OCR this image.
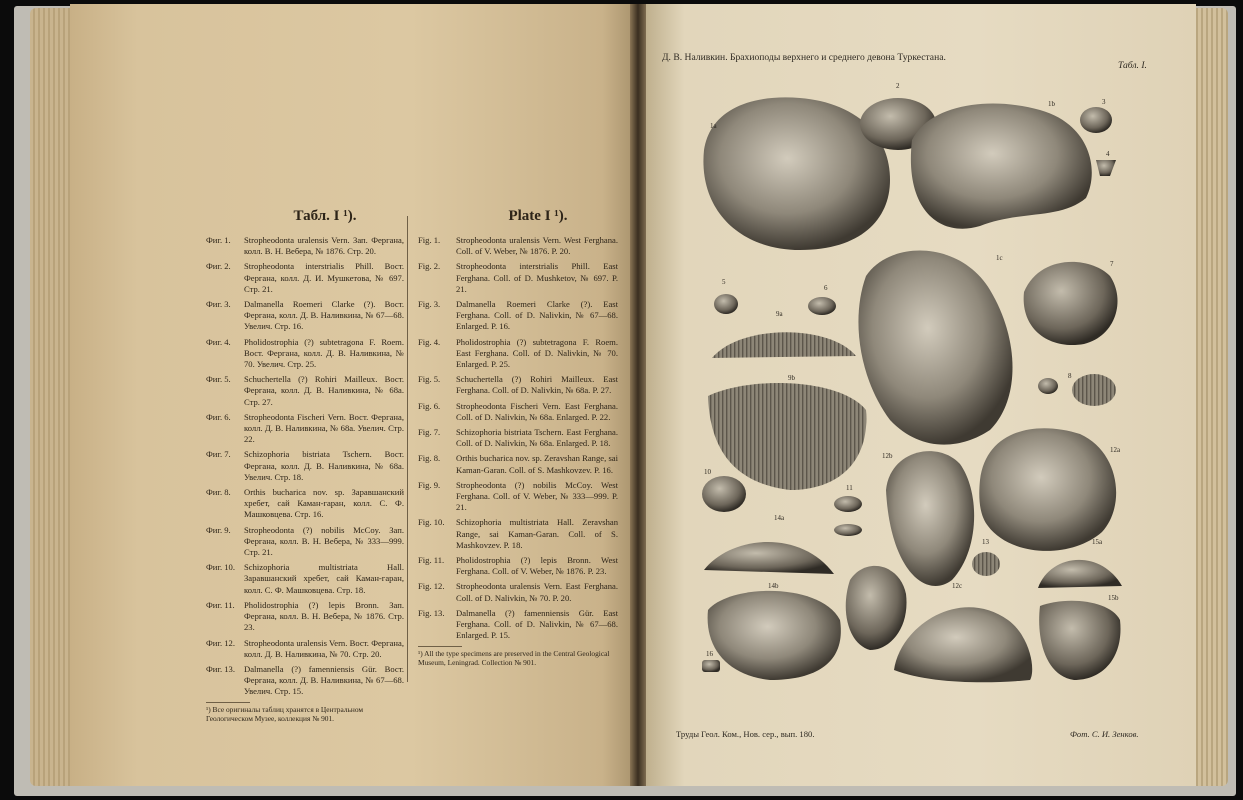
Табл. I ¹).
Фиг. 1.	Stropheodonta uralensis Vern. Зап. Фергана, колл. В. Н. Вебера, № 1876. Стр. 20.
Фиг. 2.	Stropheodonta interstrialis Phill. Вост. Фергана, колл. Д. И. Мушкетова, № 697. Стр. 21.
Фиг. 3.	Dalmanella Roemeri Clarke (?). Вост. Фергана, колл. Д. В. Наливкина, № 67—68. Увелич. Стр. 16.
Фиг. 4.	Pholidostrophia (?) subtetragona F. Roem. Вост. Фергана, колл. Д. В. Наливкина, № 70. Увелич. Стр. 25.
Фиг. 5.	Schuchertella (?) Rohiri Mailleux. Вост. Фергана, колл. Д. В. Наливкина, № 68а. Стр. 27.
Фиг. 6.	Stropheodonta Fischeri Vern. Вост. Фергана, колл. Д. В. Наливкина, № 68а. Увелич. Стр. 22.
Фиг. 7.	Schizophoria bistriata Tschern. Вост. Фергана, колл. Д. В. Наливкина, № 68а. Увелич. Стр. 18.
Фиг. 8.	Orthis bucharica nov. sp. Заравшанский хребет, сай Каман-гаран, колл. С. Ф. Машковцева. Стр. 16.
Фиг. 9.	Stropheodonta (?) nobilis McCoy. Зап. Фергана, колл. В. Н. Вебера, № 333—999. Стр. 21.
Фиг. 10.	Schizophoria multistriata Hall. Заравшанский хребет, сай Каман-гаран, колл. С. Ф. Машковцева. Стр. 18.
Фиг. 11.	Pholidostrophia (?) lepis Bronn. Зап. Фергана, колл. В. Н. Вебера, № 1876. Стр. 23.
Фиг. 12.	Stropheodonta uralensis Vern. Вост. Фергана, колл. Д. В. Наливкина, № 70. Стр. 20.
Фиг. 13.	Dalmanella (?) famenniensis Gür. Вост. Фергана, колл. Д. В. Наливкина, № 67—68. Увелич. Стр. 15.
¹) Все оригиналы таблиц хранятся в Центральном Геологическом Музее, коллекция № 901.
Plate I ¹).
Fig. 1.	Stropheodonta uralensis Vern. West Ferghana. Coll. of V. Weber, № 1876. P. 20.
Fig. 2.	Stropheodonta interstrialis Phill. East Ferghana. Coll. of D. Mushketov, № 697. P. 21.
Fig. 3.	Dalmanella Roemeri Clarke (?). East Ferghana. Coll. of D. Nalivkin, № 67—68. Enlarged. P. 16.
Fig. 4.	Pholidostrophia (?) subtetragona F. Roem. East Ferghana. Coll. of D. Nalivkin, № 70. Enlarged. P. 25.
Fig. 5.	Schuchertella (?) Rohiri Mailleux. East Ferghana. Coll. of D. Nalivkin, № 68a. P. 27.
Fig. 6.	Stropheodonta Fischeri Vern. East Ferghana. Coll. of D. Nalivkin, № 68a. Enlarged. P. 22.
Fig. 7.	Schizophoria bistriata Tschern. East Ferghana. Coll. of D. Nalivkin, № 68a. Enlarged. P. 18.
Fig. 8.	Orthis bucharica nov. sp. Zeravshan Range, sai Kaman-Garan. Coll. of S. Mashkovzev. P. 16.
Fig. 9.	Stropheodonta (?) nobilis McCoy. West Ferghana. Coll. of V. Weber, № 333—999. P. 21.
Fig. 10.	Schizophoria multistriata Hall. Zeravshan Range, sai Kaman-Garan. Coll. of S. Mashkovzev. P. 18.
Fig. 11.	Pholidostrophia (?) lepis Bronn. West Ferghana. Coll. of V. Weber, № 1876. P. 23.
Fig. 12.	Stropheodonta uralensis Vern. East Ferghana. Coll. of D. Nalivkin, № 70. P. 20.
Fig. 13.	Dalmanella (?) famenniensis Gür. East Ferghana. Coll. of D. Nalivkin, № 67—68. Enlarged. P. 15.
¹) All the type specimens are preserved in the Central Geological Museum, Leningrad. Collection № 901.
Д. В. Наливкин. Брахиоподы верхнего и среднего девона Туркестана.
Табл. I.
1a
2
1b	3
4
1c
5
6
7
9a
9b	8
10
11
12b
12a
14a
13	15a
14b	12c
15b
16
Труды Геол. Ком., Нов. сер., вып. 180.	Фот. С. И. Зенков.
